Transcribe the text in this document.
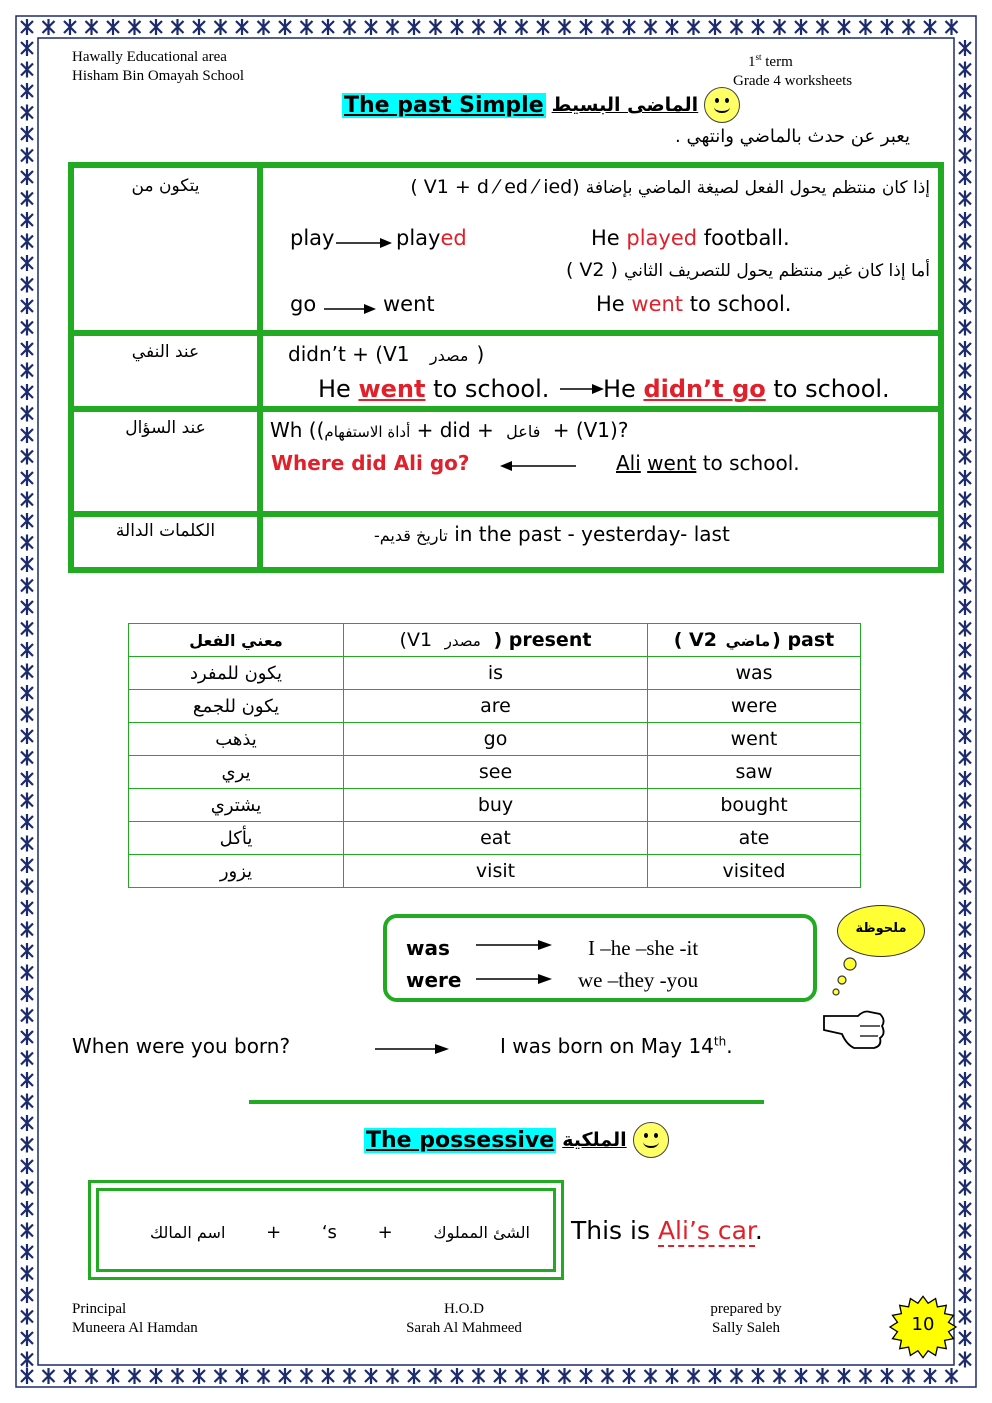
Hawally Educational area
Hisham Bin Omayah School
1st term
Grade 4 worksheets
The past Simple الماضى البسيط
يعبر عن حدث بالماضي وانتهي .
يتكون من	( V1 + d ⁄ ed ⁄ ied) إذا كان منتظم يحول الفعل لصيغة الماضي بإضافة
play	played	He played football.
( V2 ) أما إذا كان غير منتظم يحول للتصريف الثاني
go	went	He went to school.
عند النفي	didn’t + (V1 مصدر )
He went to school. He didn’t go to school.
عند السؤال	Wh ((أداة الاستفهام + did + فاعل + (V1)?
Where did Ali go?	Ali went to school.
الكلمات الدالة	تاريخ قديم- in the past - yesterday- last
معني الفعل	(V1 مصدر ) present	( V2 ماضي ) past
يكون للمفرد	is	was
يكون للجمع	are	were
يذهب	go	went
يري	see	saw
يشتري	buy	bought
يأكل	eat	ate
يزور	visit	visited
was	I –he –she -it
were	we –they -you
ملحوظة
When were you born?	I was born on May 14th.
The possessive الملكية
اسم المالك + ‘s +	الشئ المملوك This is Ali’s car.
Principal
Muneera Al Hamdan
H.O.D
Sarah Al Mahmeed
prepared by
Sally Saleh	10
